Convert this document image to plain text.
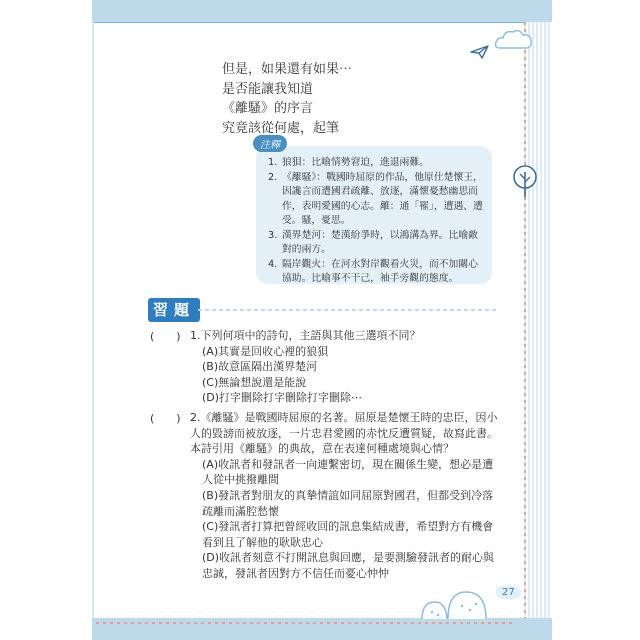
但是，如果還有如果⋯
是否能讓我知道
《離騷》的序言
究竟該從何處，起筆
注釋
1. 狼狽：比喻情勢窘迫，進退兩難。
2. 《離騷》：戰國時屈原的作品，他原仕楚懷王，因讒言而遭國君疏離、放逐，滿懷憂愁幽思而作，表明愛國的心志。離：通「罹」，遭遇、遭受。騷，憂思。
3. 漢界楚河：楚漢紛爭時，以鴻溝為界。比喻敵對的兩方。
4. 隔岸觀火：在河水對岸觀看火災，而不加關心協助。比喻事不干己，袖手旁觀的態度。
習題
(　　) 1.下列何項中的詩句，主語與其他三選項不同？
(A)其實是回收心裡的狼狽
(B)故意區隔出漢界楚河
(C)無論想說還是能說
(D)打字刪除打字刪除打字刪除⋯
(　　) 2.《離騷》是戰國時屈原的名著。屈原是楚懷王時的忠臣，因小人的毀謗而被放逐，一片忠君愛國的赤忱反遭質疑，故寫此書。本詩引用《離騷》的典故，意在表達何種處境與心情？
(A)收訊者和發訊者一向連繫密切，現在關係生變，想必是遭人從中挑撥離間
(B)發訊者對朋友的真摯情誼如同屈原對國君，但都受到冷落疏離而滿腔愁懷
(C)發訊者打算把曾經收回的訊息集結成書，希望對方有機會看到且了解他的耿耿忠心
(D)收訊者刻意不打開訊息與回應，是要測驗發訊者的耐心與忠誠，發訊者因對方不信任而憂心忡忡
27
